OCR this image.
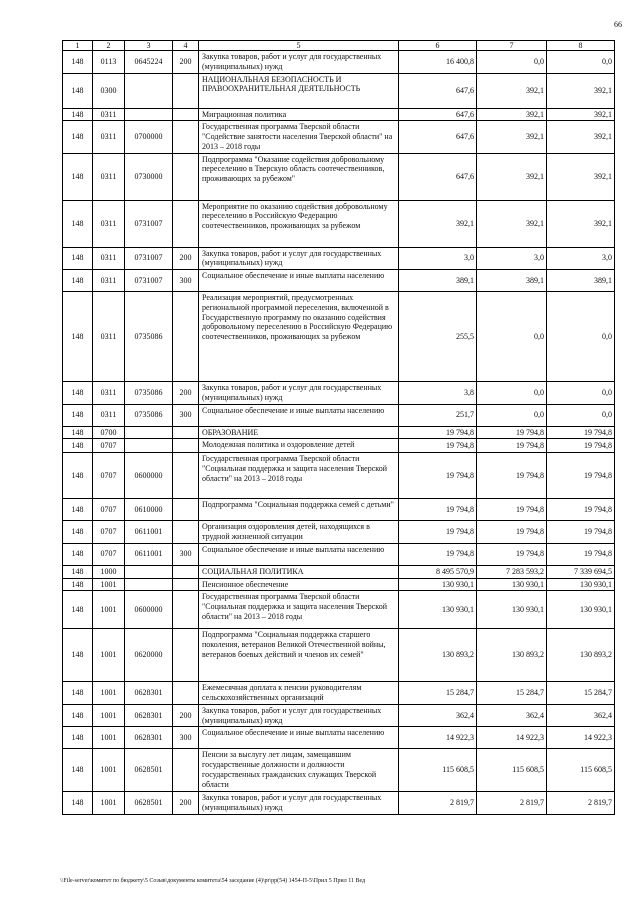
66
1	2	3	4	5	6	7	8
148	0113	0645224	200	Закупка товаров, работ и услуг для государственных (муниципальных) нужд	16 400,8	0,0	0,0
148	0300			НАЦИОНАЛЬНАЯ БЕЗОПАСНОСТЬ И ПРАВООХРАНИТЕЛЬНАЯ ДЕЯТЕЛЬНОСТЬ	647,6	392,1	392,1
148	0311			Миграционная политика	647,6	392,1	392,1
148	0311	0700000		Государственная программа Тверской области "Содействие занятости населения Тверской области" на 2013 – 2018 годы	647,6	392,1	392,1
148	0311	0730000		Подпрограмма "Оказание содействия добровольному переселению в Тверскую область соотечественников, проживающих за рубежом"	647,6	392,1	392,1
148	0311	0731007		Мероприятие по оказанию содействия добровольному переселению в Российскую Федерацию соотечественников, проживающих за рубежом	392,1	392,1	392,1
148	0311	0731007	200	Закупка товаров, работ и услуг для государственных (муниципальных) нужд	3,0	3,0	3,0
148	0311	0731007	300	Социальное обеспечение и иные выплаты населению	389,1	389,1	389,1
148	0311	0735086		Реализация мероприятий, предусмотренных региональной программой переселения, включенной в Государственную программу по оказанию содействия добровольному переселению в Российскую Федерацию соотечественников, проживающих за рубежом	255,5	0,0	0,0
148	0311	0735086	200	Закупка товаров, работ и услуг для государственных (муниципальных) нужд	3,8	0,0	0,0
148	0311	0735086	300	Социальное обеспечение и иные выплаты населению	251,7	0,0	0,0
148	0700			ОБРАЗОВАНИЕ	19 794,8	19 794,8	19 794,8
148	0707			Молодежная политика и оздоровление детей	19 794,8	19 794,8	19 794,8
148	0707	0600000		Государственная программа Тверской области "Социальная поддержка и защита населения Тверской области" на 2013 – 2018 годы	19 794,8	19 794,8	19 794,8
148	0707	0610000		Подпрограмма "Социальная поддержка семей с детьми"	19 794,8	19 794,8	19 794,8
148	0707	0611001		Организация оздоровления детей, находящихся в трудной жизненной ситуации	19 794,8	19 794,8	19 794,8
148	0707	0611001	300	Социальное обеспечение и иные выплаты населению	19 794,8	19 794,8	19 794,8
148	1000			СОЦИАЛЬНАЯ ПОЛИТИКА	8 495 570,9	7 283 593,2	7 339 694,5
148	1001			Пенсионное обеспечение	130 930,1	130 930,1	130 930,1
148	1001	0600000		Государственная программа Тверской области "Социальная поддержка и защита населения Тверской области" на 2013 – 2018 годы	130 930,1	130 930,1	130 930,1
148	1001	0620000		Подпрограмма "Социальная поддержка старшего поколения, ветеранов Великой Отечественной войны, ветеранов боевых действий и членов их семей"	130 893,2	130 893,2	130 893,2
148	1001	0628301		Ежемесячная доплата к пенсии руководителям сельскохозяйственных организаций	15 284,7	15 284,7	15 284,7
148	1001	0628301	200	Закупка товаров, работ и услуг для государственных (муниципальных) нужд	362,4	362,4	362,4
148	1001	0628301	300	Социальное обеспечение и иные выплаты населению	14 922,3	14 922,3	14 922,3
148	1001	0628501		Пенсии за выслугу лет лицам, замещавшим государственные должности и должности государственных гражданских служащих Тверской области	115 608,5	115 608,5	115 608,5
148	1001	0628501	200	Закупка товаров, работ и услуг для государственных (муниципальных) нужд	2 819,7	2 819,7	2 819,7
\\File-server\комитет по бюджету\5 Созыв\документы комитета\54 заседание (4)\pr\рр(54) 1454-П-5\Прил 5 Прил 11 Вед
